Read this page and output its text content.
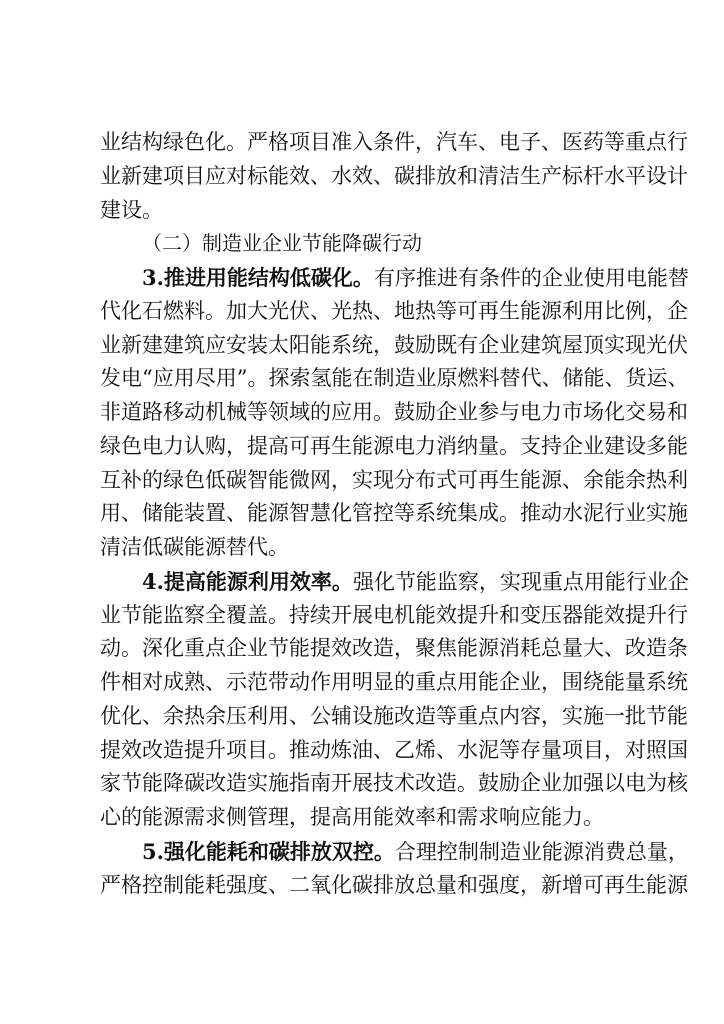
业结构绿色化。严格项目准入条件，汽车、电子、医药等重点行
业新建项目应对标能效、水效、碳排放和清洁生产标杆水平设计
建设。
（二）制造业企业节能降碳行动
3.推进用能结构低碳化。有序推进有条件的企业使用电能替
代化石燃料。加大光伏、光热、地热等可再生能源利用比例，企
业新建建筑应安装太阳能系统，鼓励既有企业建筑屋顶实现光伏
发电“应用尽用”。探索氢能在制造业原燃料替代、储能、货运、
非道路移动机械等领域的应用。鼓励企业参与电力市场化交易和
绿色电力认购，提高可再生能源电力消纳量。支持企业建设多能
互补的绿色低碳智能微网，实现分布式可再生能源、余能余热利
用、储能装置、能源智慧化管控等系统集成。推动水泥行业实施
清洁低碳能源替代。
4.提高能源利用效率。强化节能监察，实现重点用能行业企
业节能监察全覆盖。持续开展电机能效提升和变压器能效提升行
动。深化重点企业节能提效改造，聚焦能源消耗总量大、改造条
件相对成熟、示范带动作用明显的重点用能企业，围绕能量系统
优化、余热余压利用、公辅设施改造等重点内容，实施一批节能
提效改造提升项目。推动炼油、乙烯、水泥等存量项目，对照国
家节能降碳改造实施指南开展技术改造。鼓励企业加强以电为核
心的能源需求侧管理，提高用能效率和需求响应能力。
5.强化能耗和碳排放双控。合理控制制造业能源消费总量，
严格控制能耗强度、二氧化碳排放总量和强度，新增可再生能源
